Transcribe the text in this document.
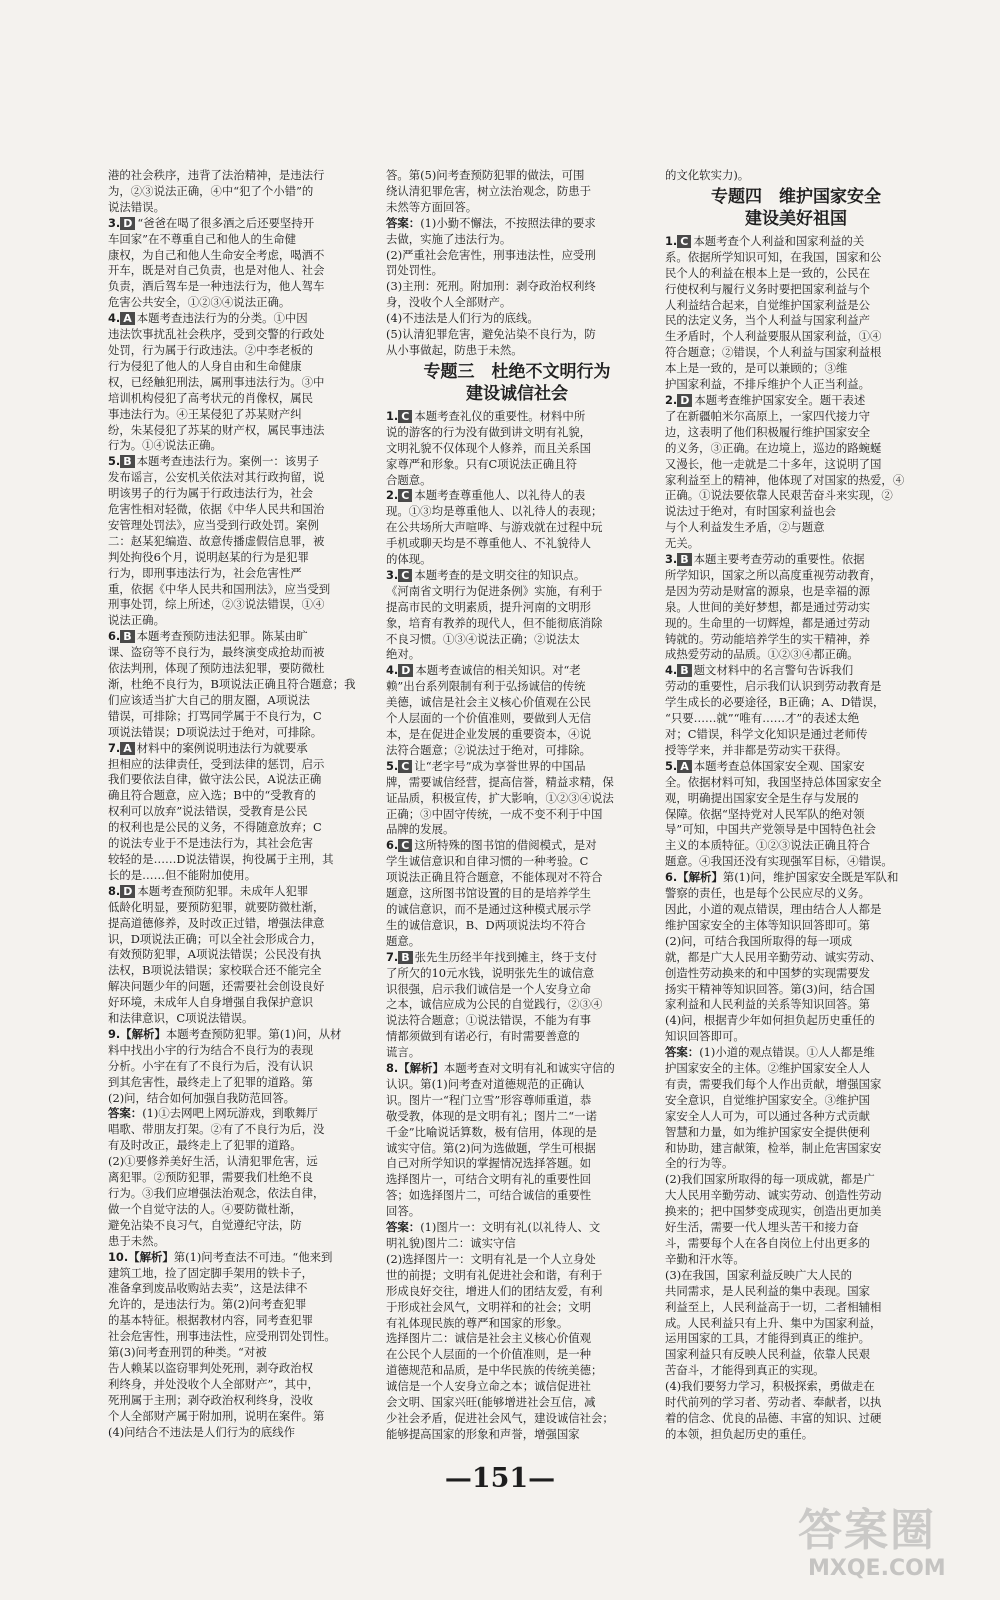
港的社会秩序，违背了法治精神，是违法行
为，②③说法正确，④中“犯了个小错”的
说法错误。
3. D “爸爸在喝了很多酒之后还要坚持开
车回家”在不尊重自己和他人的生命健
康权，为自己和他人生命安全考虑，喝酒不
开车，既是对自己负责，也是对他人、社会
负责，酒后驾车是一种违法行为，他人驾车
危害公共安全，①②③④说法正确。
4. A 本题考查违法行为的分类。①中因
违法饮事扰乱社会秩序，受到交警的行政处
处罚，行为属于行政违法。②中李老板的
行为侵犯了他人的人身自由和生命健康
权，已经触犯刑法，属刑事违法行为。③中
培训机构侵犯了高考状元的肖像权，属民
事违法行为。④王某侵犯了苏某财产纠
纷，朱某侵犯了苏某的财产权，属民事违法
行为。①④说法正确。
5. B 本题考查违法行为。案例一：该男子
发布谣言，公安机关依法对其行政拘留，说
明该男子的行为属于行政违法行为，社会
危害性相对轻微，依据《中华人民共和国治
安管理处罚法》，应当受到行政处罚。案例
二：赵某犯编造、故意传播虚假信息罪，被
判处拘役6个月，说明赵某的行为是犯罪
行为，即刑事违法行为，社会危害性严
重，依据《中华人民共和国刑法》，应当受到
刑事处罚，综上所述，②③说法错误，①④
说法正确。
6. B 本题考查预防违法犯罪。陈某由旷
课、盗窃等不良行为，最终演变成抢劫而被
依法判刑，体现了预防违法犯罪，要防微杜
渐，杜绝不良行为，B项说法正确且符合题意；我
们应该适当扩大自己的朋友圈，A项说法
错误，可排除；打骂同学属于不良行为，C
项说法错误；D项说法过于绝对，可排除。
7. A 材料中的案例说明违法行为就要承
担相应的法律责任，受到法律的惩罚，启示
我们要依法自律，做守法公民，A说法正确
确且符合题意，应入选；B中的“受教育的
权利可以放弃”说法错误，受教育是公民
的权利也是公民的义务，不得随意放弃；C
的说法专业于不是违法行为，其社会危害
较轻的是……D说法错误，拘役属于主刑，其
长的是……但不能附加使用。
8. D 本题考查预防犯罪。未成年人犯罪
低龄化明显，要预防犯罪，就要防微杜渐，
提高道德修养，及时改正过错，增强法律意
识，D项说法正确；可以全社会形成合力，
有效预防犯罪，A项说法错误；公民没有执
法权，B项说法错误；家校联合还不能完全
解决问题少年的问题，还需要社会创设良好
好环境，未成年人自身增强自我保护意识
和法律意识，C项说法错误。
9.【解析】本题考查预防犯罪。第(1)问，从材
料中找出小宇的行为结合不良行为的表现
分析。小宇在有了不良行为后，没有认识
到其危害性，最终走上了犯罪的道路。第
(2)问，结合如何加强自我防范回答。
答案：(1)①去网吧上网玩游戏，到歌舞厅
唱歌、带朋友打架。②有了不良行为后，没
有及时改正，最终走上了犯罪的道路。
(2)①要修养美好生活，认清犯罪危害，远
离犯罪。②预防犯罪，需要我们杜绝不良
行为。③我们应增强法治观念，依法自律，
做一个自觉守法的人。④要防微杜渐，
避免沾染不良习气，自觉遵纪守法，防
患于未然。
10.【解析】第(1)问考查法不可违。“他来到
建筑工地，捡了固定脚手架用的铁卡子，
准备拿到废品收购站去卖”，这是法律不
允许的，是违法行为。第(2)问考查犯罪
的基本特征。根据教材内容，同考查犯罪
社会危害性，刑事违法性，应受刑罚处罚性。
第(3)问考查刑罚的种类。“对被
告人赖某以盗窃罪判处死刑，剥夺政治权
利终身，并处没收个人全部财产”，其中，
死刑属于主刑；剥夺政治权利终身，没收
个人全部财产属于附加刑，说明在案件。第
(4)问结合不违法是人们行为的底线作
答。第(5)问考查预防犯罪的做法，可围
绕认清犯罪危害，树立法治观念，防患于
未然等方面回答。
答案：(1)小勤不懈法，不按照法律的要求
去做，实施了违法行为。
(2)严重社会危害性，刑事违法性，应受刑
罚处罚性。
(3)主刑：死刑。附加刑：剥夺政治权利终
身，没收个人全部财产。
(4)不违法是人们行为的底线。
(5)认清犯罪危害，避免沾染不良行为，防
从小事做起，防患于未然。
专题三　杜绝不文明行为
建设诚信社会
1. C 本题考查礼仪的重要性。材料中所
说的游客的行为没有做到讲文明有礼貌，
文明礼貌不仅体现个人修养，而且关系国
家尊严和形象。只有C项说法正确且符
合题意。
2. C 本题考查尊重他人、以礼待人的表
现。①③均是尊重他人、以礼待人的表现；
在公共场所大声喧哗、与游戏就在过程中玩
手机或聊天均是不尊重他人、不礼貌待人
的体现。
3. C 本题考查的是文明交往的知识点。
《河南省文明行为促进条例》实施，有利于
提高市民的文明素质，提升河南的文明形
象，培育有教养的现代人，但不能彻底消除
不良习惯。①③④说法正确；②说法太
绝对。
4. D 本题考查诚信的相关知识。对“老
赖”出台系列限制有利于弘扬诚信的传统
美德，诚信是社会主义核心价值观在公民
个人层面的一个价值准则，要做到人无信
本，是在促进企业发展的重要资本，④说
法符合题意；②说法过于绝对，可排除。
5. C 让“老字号”成为享誉世界的中国品
牌，需要诚信经营，提高信誉，精益求精，保
证品质，积极宣传，扩大影响，①②③④说法
正确；③中固守传统，一成不变不利于中国
品牌的发展。
6. C 这所特殊的图书馆的借阅模式，是对
学生诚信意识和自律习惯的一种考验。C
项说法正确且符合题意，不能体现对不符合
题意，这所图书馆设置的目的是培养学生
的诚信意识，而不是通过这种模式展示学
生的诚信意识，B、D两项说法均不符合
题意。
7. B 张先生历经半年找到摊主，终于支付
了所欠的10元水钱，说明张先生的诚信意
识很强，启示我们诚信是一个人安身立命
之本，诚信应成为公民的自觉践行，②③④
说法符合题意；①说法错误，不能为有事
情都须做到有诺必行，有时需要善意的
谎言。
8.【解析】本题考查对文明有礼和诚实守信的
认识。第(1)问考查对道德规范的正确认
识。图片一“程门立雪”形容尊师重道，恭
敬受教，体现的是文明有礼；图片二“一诺
千金”比喻说话算数，极有信用，体现的是
诚实守信。第(2)问为选做题，学生可根据
自己对所学知识的掌握情况选择答题。如
选择图片一，可结合文明有礼的重要性回
答；如选择图片二，可结合诚信的重要性
回答。
答案：(1)图片一：文明有礼(以礼待人、文
明礼貌)图片二：诚实守信
(2)选择图片一：文明有礼是一个人立身处
世的前提；文明有礼促进社会和谐，有利于
形成良好交往，增进人们的团结友爱，有利
于形成社会风气，文明祥和的社会；文明
有礼体现民族的尊严和国家的形象。
选择图片二：诚信是社会主义核心价值观
在公民个人层面的一个价值准则，是一种
道德规范和品质，是中华民族的传统美德；
诚信是一个人安身立命之本；诚信促进社
会文明、国家兴旺(能够增进社会互信，减
少社会矛盾，促进社会风气，建设诚信社会；
能够提高国家的形象和声誉，增强国家
的文化软实力)。
专题四　维护国家安全
建设美好祖国
1. C 本题考查个人利益和国家利益的关
系。依据所学知识可知，在我国，国家和公
民个人的利益在根本上是一致的，公民在
行使权利与履行义务时要把国家利益与个
人利益结合起来，自觉维护国家利益是公
民的法定义务，当个人利益与国家利益产
生矛盾时，个人利益要服从国家利益，①④
符合题意；②错误，个人利益与国家利益根
本上是一致的，是可以兼顾的；③维
护国家利益，不排斥维护个人正当利益。
2. D 本题考查维护国家安全。题干表述
了在新疆帕米尔高原上，一家四代接力守
边，这表明了他们积极履行维护国家安全
的义务，③正确。在边境上，巡边的路蜿蜒
又漫长，他一走就是二十多年，这说明了国
家利益至上的精神，他体现了对国家的热爱，④
正确。①说法要依靠人民艰苦奋斗来实现，②
说法过于绝对，有时国家利益也会
与个人利益发生矛盾，②与题意
无关。
3. B 本题主要考查劳动的重要性。依据
所学知识，国家之所以高度重视劳动教育，
是因为劳动是财富的源泉，也是幸福的源
泉。人世间的美好梦想，都是通过劳动实
现的。生命里的一切辉煌，都是通过劳动
铸就的。劳动能培养学生的实干精神，养
成热爱劳动的品质。①②③④都正确。
4. B 题文材料中的名言警句告诉我们
劳动的重要性，启示我们认识到劳动教育是
学生成长的必要途径，B正确；A、D错误，
“只要……就”“唯有……才”的表述太绝
对；C错误，科学文化知识是通过老师传
授等学来，并非都是劳动实干获得。
5. A 本题考查总体国家安全观、国家安
全。依据材料可知，我国坚持总体国家安全
观，明确提出国家安全是生存与发展的
保障。依据“坚持党对人民军队的绝对领
导”可知，中国共产党领导是中国特色社会
主义的本质特征。①②③说法正确且符合
题意。④我国还没有实现强军目标，④错误。
6.【解析】第(1)问，维护国家安全既是军队和
警察的责任，也是每个公民应尽的义务。
因此，小道的观点错误，理由结合人人都是
维护国家安全的主体等知识回答即可。第
(2)问，可结合我国所取得的每一项成
就，都是广大人民用辛勤劳动、诚实劳动、
创造性劳动换来的和中国梦的实现需要发
扬实干精神等知识回答。第(3)问，结合国
家利益和人民利益的关系等知识回答。第
(4)问，根据青少年如何担负起历史重任的
知识回答即可。
答案：(1)小道的观点错误。①人人都是维
护国家安全的主体。②维护国家安全人人
有责，需要我们每个人作出贡献，增强国家
安全意识，自觉维护国家安全。③维护国
家安全人人可为，可以通过各种方式贡献
智慧和力量，如为维护国家安全提供便利
和协助，建言献策，检举，制止危害国家安
全的行为等。
(2)我们国家所取得的每一项成就，都是广
大人民用辛勤劳动、诚实劳动、创造性劳动
换来的；把中国梦变成现实，创造出更加美
好生活，需要一代人埋头苦干和接力奋
斗，需要每个人在各自岗位上付出更多的
辛勤和汗水等。
(3)在我国，国家利益反映广大人民的
共同需求，是人民利益的集中表现。国家
利益至上，人民利益高于一切，二者相辅相
成。人民利益只有上升、集中为国家利益，
运用国家的工具，才能得到真正的维护。
国家利益只有反映人民利益，依靠人民艰
苦奋斗，才能得到真正的实现。
(4)我们要努力学习，积极探索，勇做走在
时代前列的学习者、劳动者、奉献者，以执
着的信念、优良的品德、丰富的知识、过硬
的本领，担负起历史的重任。
—151—
答案圈
MXQE.COM
